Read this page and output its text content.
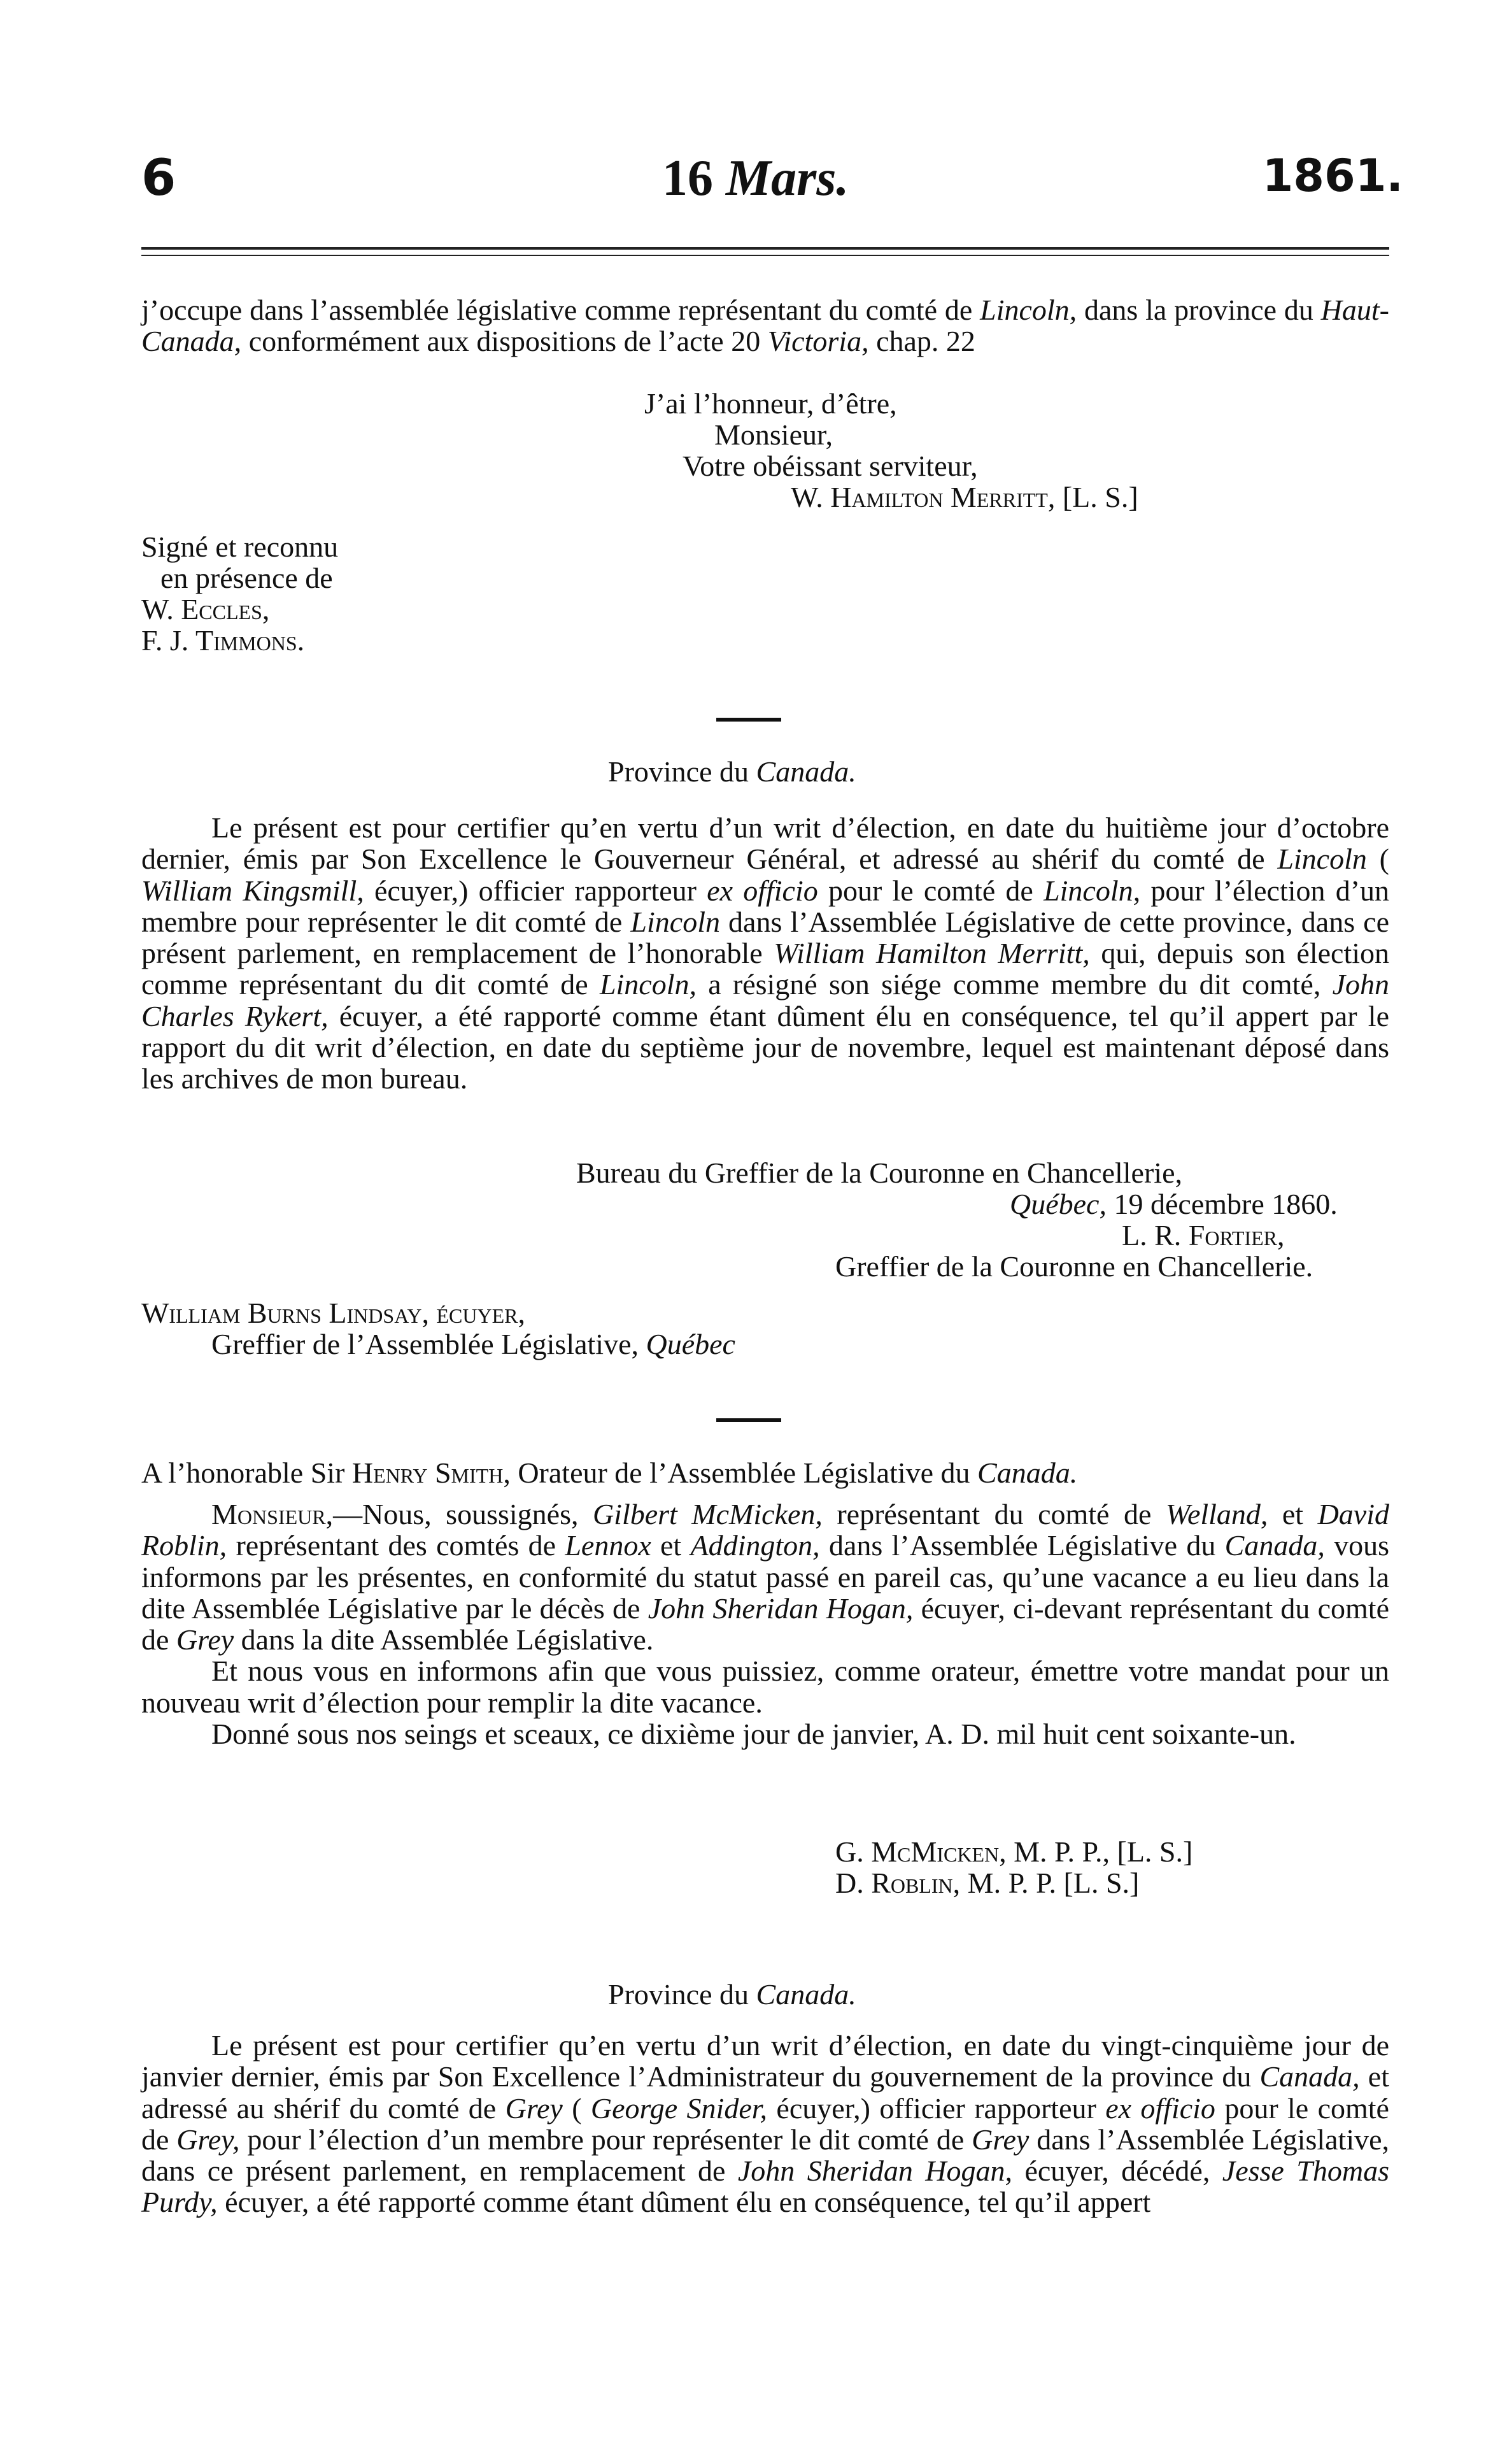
6	16 Mars.	1861.

j’occupe dans l’assemblée législative comme représentant du comté de Lincoln, dans la province du Haut-Canada, conformément aux dispositions de l’acte 20 Victoria, chap. 22

J’ai l’honneur, d’être,
Monsieur,
Votre obéissant serviteur,
W. Hamilton Merritt, [L. S.]
Signé et reconnu
en présence de
W. Eccles,
F. J. Timmons.
Province du Canada.

Le présent est pour certifier qu’en vertu d’un writ d’élection, en date du huitième jour d’octobre dernier, émis par Son Excellence le Gouverneur Général, et adressé au shérif du comté de Lincoln ( William Kingsmill, écuyer,) officier rapporteur ex officio pour le comté de Lincoln, pour l’élection d’un membre pour représenter le dit comté de Lincoln dans l’Assemblée Législative de cette province, dans ce présent parlement, en remplacement de l’honorable William Hamilton Merritt, qui, depuis son élection comme représentant du dit comté de Lincoln, a résigné son siége comme membre du dit comté, John Charles Rykert, écuyer, a été rapporté comme étant dûment élu en conséquence, tel qu’il appert par le rapport du dit writ d’élection, en date du septième jour de novembre, lequel est maintenant déposé dans les archives de mon bureau.

Bureau du Greffier de la Couronne en Chancellerie,
Québec, 19 décembre 1860.
L. R. Fortier,
Greffier de la Couronne en Chancellerie.
William Burns Lindsay, écuyer,
Greffier de l’Assemblée Législative, Québec
A l’honorable Sir Henry Smith, Orateur de l’Assemblée Législative du Canada.

Monsieur,—Nous, soussignés, Gilbert McMicken, représentant du comté de Welland, et David Roblin, représentant des comtés de Lennox et Addington, dans l’Assemblée Législative du Canada, vous informons par les présentes, en conformité du statut passé en pareil cas, qu’une vacance a eu lieu dans la dite Assemblée Législative par le décès de John Sheridan Hogan, écuyer, ci-devant représentant du comté de Grey dans la dite Assemblée Législative.

Et nous vous en informons afin que vous puissiez, comme orateur, émettre votre mandat pour un nouveau writ d’élection pour remplir la dite vacance.

Donné sous nos seings et sceaux, ce dixième jour de janvier, A. D. mil huit cent soixante-un.

G. McMicken, M. P. P., [L. S.]
D. Roblin, M. P. P. [L. S.]
Province du Canada.

Le présent est pour certifier qu’en vertu d’un writ d’élection, en date du vingt-cinquième jour de janvier dernier, émis par Son Excellence l’Administrateur du gouvernement de la province du Canada, et adressé au shérif du comté de Grey ( George Snider, écuyer,) officier rapporteur ex officio pour le comté de Grey, pour l’élection d’un membre pour représenter le dit comté de Grey dans l’Assemblée Législative, dans ce présent parlement, en remplacement de John Sheridan Hogan, écuyer, décédé, Jesse Thomas Purdy, écuyer, a été rapporté comme étant dûment élu en conséquence, tel qu’il appert
